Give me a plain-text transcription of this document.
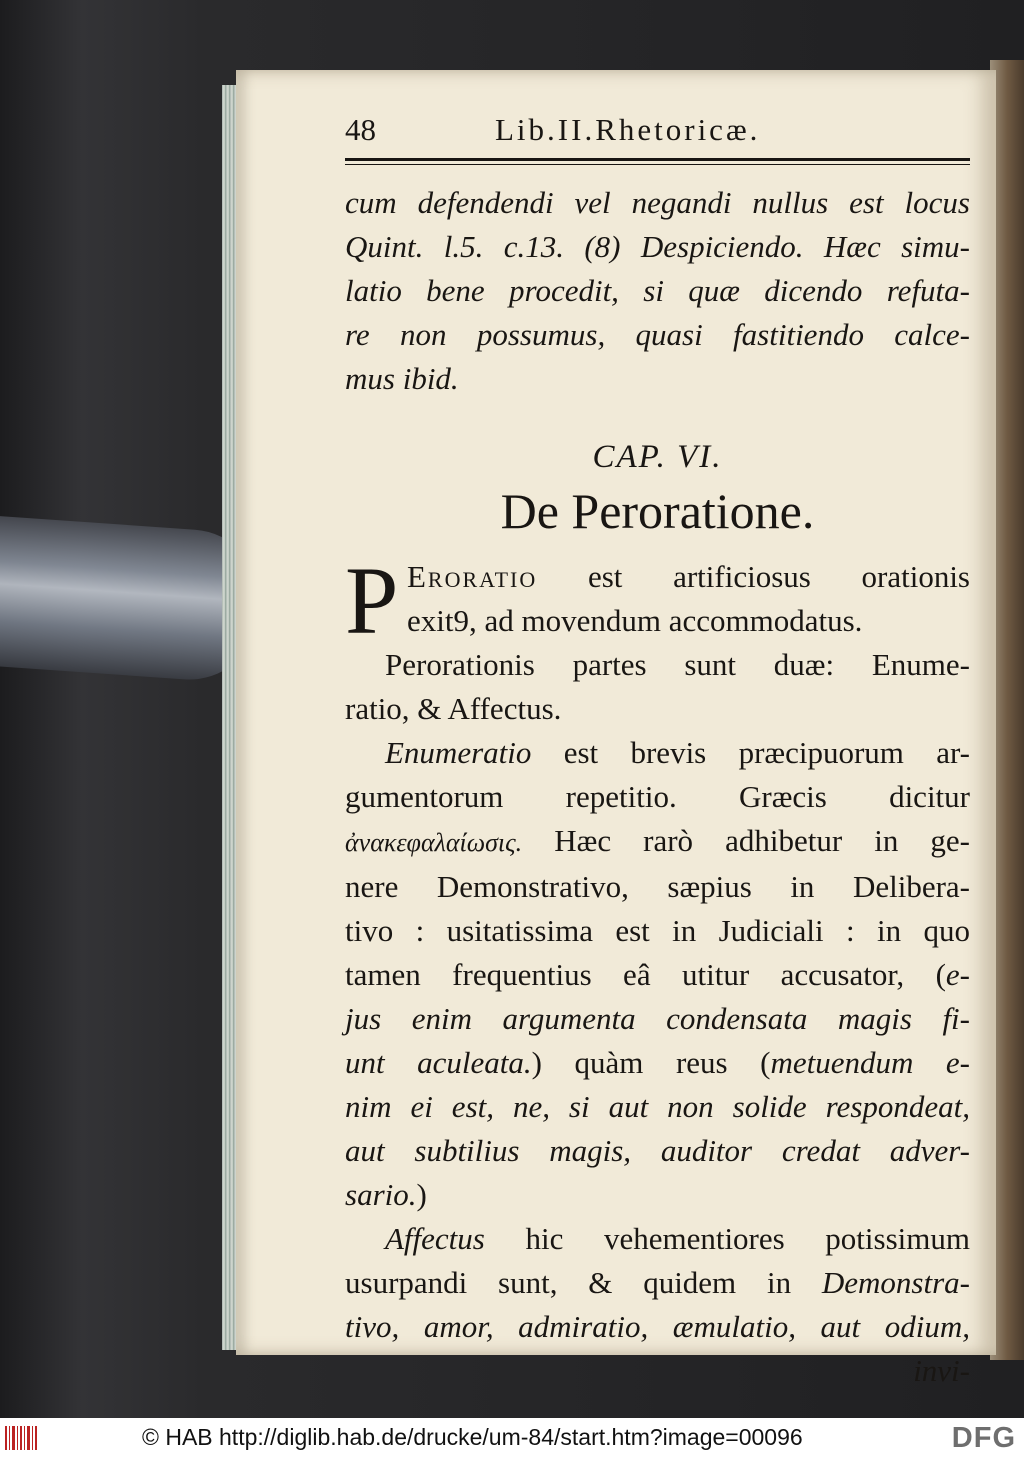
48	Lib.II.Rhetoricæ.
cum defendendi vel negandi nullus est locus
Quint. l.5. c.13. (8) Despiciendo. Hæc simu-
latio bene procedit, si quæ dicendo refuta-
re non possumus, quasi fastitiendo calce-
mus ibid.
CAP. VI.
De Peroratione.
P Eroratio est artificiosus orationis
exit9, ad movendum accommodatus.
Perorationis partes sunt duæ: Enume-
ratio, & Affectus.
Enumeratio est brevis præcipuorum ar-
gumentorum repetitio. Græcis dicitur
ἀνακεφαλαίωσις. Hæc rarò adhibetur in ge-
nere Demonstrativo, sæpius in Delibera-
tivo : usitatissima est in Judiciali : in quo
tamen frequentius eâ utitur accusator, (e-
jus enim argumenta condensata magis fi-
unt aculeata.) quàm reus (metuendum e-
nim ei est, ne, si aut non solide respondeat,
aut subtilius magis, auditor credat adver-
sario.)
Affectus hic vehementiores potissimum
usurpandi sunt, & quidem in Demonstra-
tivo, amor, admiratio, æmulatio, aut odium,
invi-
© HAB http://diglib.hab.de/drucke/um-84/start.htm?image=00096	DFG
